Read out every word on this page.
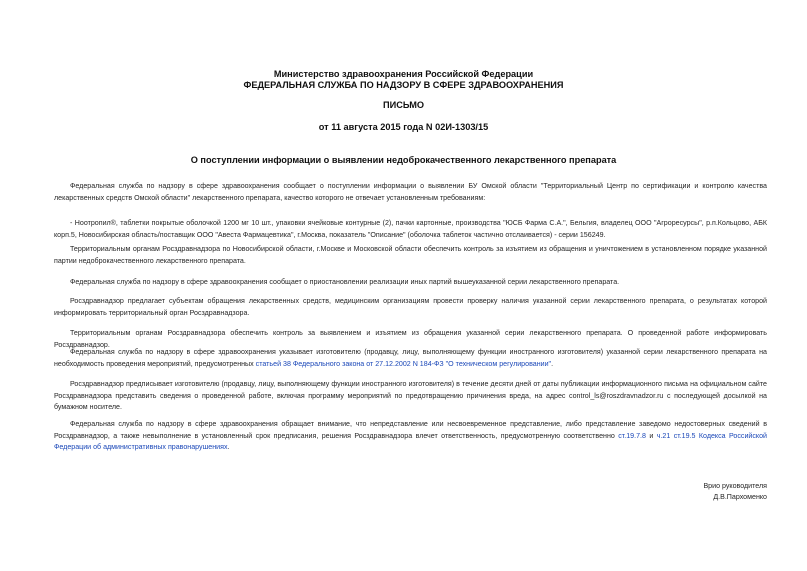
Министерство здравоохранения Российской Федерации
ФЕДЕРАЛЬНАЯ СЛУЖБА ПО НАДЗОРУ В СФЕРЕ ЗДРАВООХРАНЕНИЯ
ПИСЬМО
от 11 августа 2015 года N 02И-1303/15
О поступлении информации о выявлении недоброкачественного лекарственного препарата

Федеральная служба по надзору в сфере здравоохранения сообщает о поступлении информации о выявлении БУ Омской области "Территориальный Центр по сертификации и контролю качества лекарственных средств Омской области" лекарственного препарата, качество которого не отвечает установленным требованиям:

- Ноотропил®, таблетки покрытые оболочкой 1200 мг 10 шт., упаковки ячейковые контурные (2), пачки картонные, производства "ЮСБ Фарма С.А.", Бельгия, владелец ООО "Агроресурсы", р.п.Кольцово, АБК корп.5, Новосибирская область/поставщик ООО "Авеста Фармацевтика", г.Москва, показатель "Описание" (оболочка таблеток частично отслаивается) - серии 156249.

Территориальным органам Росздравнадзора по Новосибирской области, г.Москве и Московской области обеспечить контроль за изъятием из обращения и уничтожением в установленном порядке указанной партии недоброкачественного лекарственного препарата.

Федеральная служба по надзору в сфере здравоохранения сообщает о приостановлении реализации иных партий вышеуказанной серии лекарственного препарата.

Росздравнадзор предлагает субъектам обращения лекарственных средств, медицинским организациям провести проверку наличия указанной серии лекарственного препарата, о результатах которой информировать территориальный орган Росздравнадзора.

Территориальным органам Росздравнадзора обеспечить контроль за выявлением и изъятием из обращения указанной серии лекарственного препарата. О проведенной работе информировать Росздравнадзор.

Федеральная служба по надзору в сфере здравоохранения указывает изготовителю (продавцу, лицу, выполняющему функции иностранного изготовителя) указанной серии лекарственного препарата на необходимость проведения мероприятий, предусмотренных статьей 38 Федерального закона от 27.12.2002 N 184-ФЗ "О техническом регулировании".

Росздравнадзор предписывает изготовителю (продавцу, лицу, выполняющему функции иностранного изготовителя) в течение десяти дней от даты публикации информационного письма на официальном сайте Росздравнадзора представить сведения о проведенной работе, включая программу мероприятий по предотвращению причинения вреда, на адрес control_ls@roszdravnadzor.ru с последующей досылкой на бумажном носителе.

Федеральная служба по надзору в сфере здравоохранения обращает внимание, что непредставление или несвоевременное представление, либо представление заведомо недостоверных сведений в Росздравнадзор, а также невыполнение в установленный срок предписания, решения Росздравнадзора влечет ответственность, предусмотренную соответственно ст.19.7.8 и ч.21 ст.19.5 Кодекса Российской Федерации об административных правонарушениях.

Врио руководителя
Д.В.Пархоменко
